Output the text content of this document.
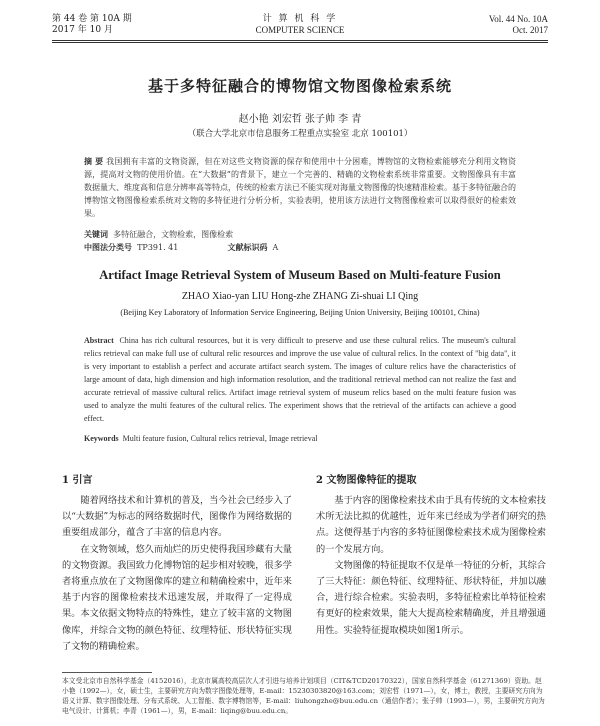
第 44 卷 第 10A 期
2017 年 10 月
计 算 机 科 学
COMPUTER SCIENCE
Vol. 44 No. 10A
Oct. 2017
基于多特征融合的博物馆文物图像检索系统
赵小艳 刘宏哲 张子帅 李 青
（联合大学北京市信息服务工程重点实验室 北京 100101）
摘 要 我国拥有丰富的文物资源，但在对这些文物资源的保存和使用中十分困难，博物馆的文物检索能够充分利用文物资源，提高对文物的使用价值。在“大数据”的背景下，建立一个完善的、精确的文物检索系统非常重要。文物图像具有丰富数据量大、维度高和信息分辨率高等特点，传统的检索方法已不能实现对海量文物图像的快速精准检索。基于多特征融合的博物馆文物图像检索系统对文物的多特征进行分析分析，实验表明，使用该方法进行文物图像检索可以取得很好的检索效果。
关键词 多特征融合，文物检索，图像检索
中图法分类号 TP391. 41	文献标识码 A
Artifact Image Retrieval System of Museum Based on Multi-feature Fusion
ZHAO Xiao-yan LIU Hong-zhe ZHANG Zi-shuai LI Qing
(Beijing Key Laboratory of Information Service Engineering, Beijing Union University, Beijing 100101, China)
Abstract China has rich cultural resources, but it is very difficult to preserve and use these cultural relics. The museum's cultural relics retrieval can make full use of cultural relic resources and improve the use value of cultural relics. In the context of "big data", it is very important to establish a perfect and accurate artifact search system. The images of culture relics have the characteristics of large amount of data, high dimension and high information resolution, and the traditional retrieval method can not realize the fast and accurate retrieval of massive cultural relics. Artifact image retrieval system of museum relics based on the multi feature fusion was used to analyze the multi features of the cultural relics. The experiment shows that the retrieval of the artifacts can achieve a good effect.
Keywords Multi feature fusion, Cultural relics retrieval, Image retrieval
1 引言

随着网络技术和计算机的普及，当今社会已经步入了以“大数据”为标志的网络数据时代，图像作为网络数据的重要组成部分，蕴含了丰富的信息内容。

在文物领域，悠久而灿烂的历史使得我国珍藏有大量的文物资源。我国致力化博物馆的起步相对较晚，很多学者将重点放在了文物图像库的建立和精确检索中，近年来基于内容的图像检索技术迅速发展，并取得了一定得成果。本文依据文物特点的特殊性，建立了较丰富的文物图像库，并综合文物的颜色特征、纹理特征、形状特征实现了文物的精确检索。

2 文物图像特征的提取

基于内容的图像检索技术由于具有传统的文本检索技术所无法比拟的优越性，近年来已经成为学者们研究的热点。这便得基于内容的多特征图像检索技术成为图像检索的一个发展方向。

文物图像的特征提取不仅是单一特征的分析，其综合了三大特征：颜色特征、纹理特征、形状特征，并加以融合，进行综合检索。实验表明，多特征检索比单特征检索有更好的检索效果，能大大提高检索精确度，并且增强通用性。实验特征提取模块如图1所示。

本文受北京市自然科学基金（4152016），北京市属高校高层次人才引进与培养计划项目（CIT&TCD20170322），国家自然科学基金（61271369）资助。赵小艳（1992—），女，硕士生，主要研究方向为数字图像处理等，E-mail：15230303820@163.com；刘宏哲（1971—），女，博士，教授，主要研究方向为语义计算、数字图像处理、分布式系统、人工智能、数字博物馆等，E-mail：liuhongzhe@buu.edu.cn（通信作者）；张子帅（1993—），男，主要研究方向为电气设计、计算机；李青（1961—），男，E-mail：liqing@buu.edu.cn。
